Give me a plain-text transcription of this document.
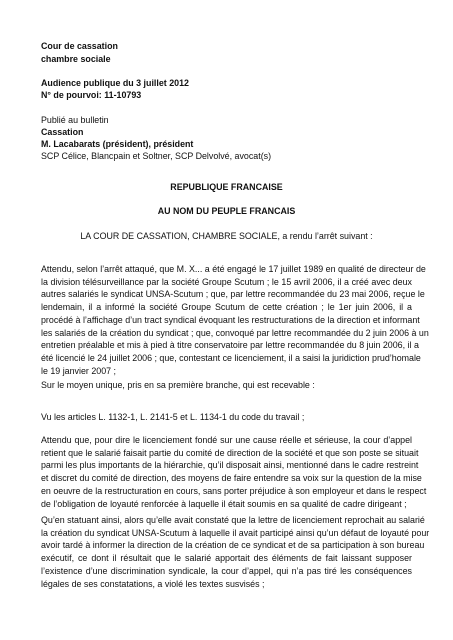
Cour de cassation
chambre sociale
Audience publique du 3 juillet 2012
N° de pourvoi: 11-10793
Publié au bulletin
Cassation
M. Lacabarats (président), président
SCP Célice, Blancpain et Soltner, SCP Delvolvé, avocat(s)
REPUBLIQUE FRANCAISE
AU NOM DU PEUPLE FRANCAIS
LA COUR DE CASSATION, CHAMBRE SOCIALE, a rendu l’arrêt suivant :
Attendu, selon l’arrêt attaqué, que M. X... a été engagé le 17 juillet 1989 en qualité de directeur de
la division télésurveillance par la société Groupe Scutum ; le 15 avril 2006, il a créé avec deux
autres salariés le syndicat UNSA-Scutum ; que, par lettre recommandée du 23 mai 2006, reçue le
lendemain, il a informé la société Groupe Scutum de cette création ; le 1er juin 2006, il a
procédé à l’affichage d’un tract syndical évoquant les restructurations de la direction et informant
les salariés de la création du syndicat ; que, convoqué par lettre recommandée du 2 juin 2006 à un
entretien préalable et mis à pied à titre conservatoire par lettre recommandée du 8 juin 2006, il a
été licencié le 24 juillet 2006 ; que, contestant ce licenciement, il a saisi la juridiction prud’homale
le 19 janvier 2007 ;
Sur le moyen unique, pris en sa première branche, qui est recevable :
Vu les articles L. 1132-1, L. 2141-5 et L. 1134-1 du code du travail ;
Attendu que, pour dire le licenciement fondé sur une cause réelle et sérieuse, la cour d’appel
retient que le salarié faisait partie du comité de direction de la société et que son poste se situait
parmi les plus importants de la hiérarchie, qu’il disposait ainsi, mentionné dans le cadre restreint
et discret du comité de direction, des moyens de faire entendre sa voix sur la question de la mise
en oeuvre de la restructuration en cours, sans porter préjudice à son employeur et dans le respect
de l’obligation de loyauté renforcée à laquelle il était soumis en sa qualité de cadre dirigeant ;
Qu’en statuant ainsi, alors qu’elle avait constaté que la lettre de licenciement reprochait au salarié
la création du syndicat UNSA-Scutum à laquelle il avait participé ainsi qu’un défaut de loyauté pour
avoir tardé à informer la direction de la création de ce syndicat et de sa participation à son bureau
exécutif, ce dont il résultait que le salarié apportait des éléments de fait laissant supposer
l’existence d’une discrimination syndicale, la cour d’appel, qui n’a pas tiré les conséquences
légales de ses constatations, a violé les textes susvisés ;
